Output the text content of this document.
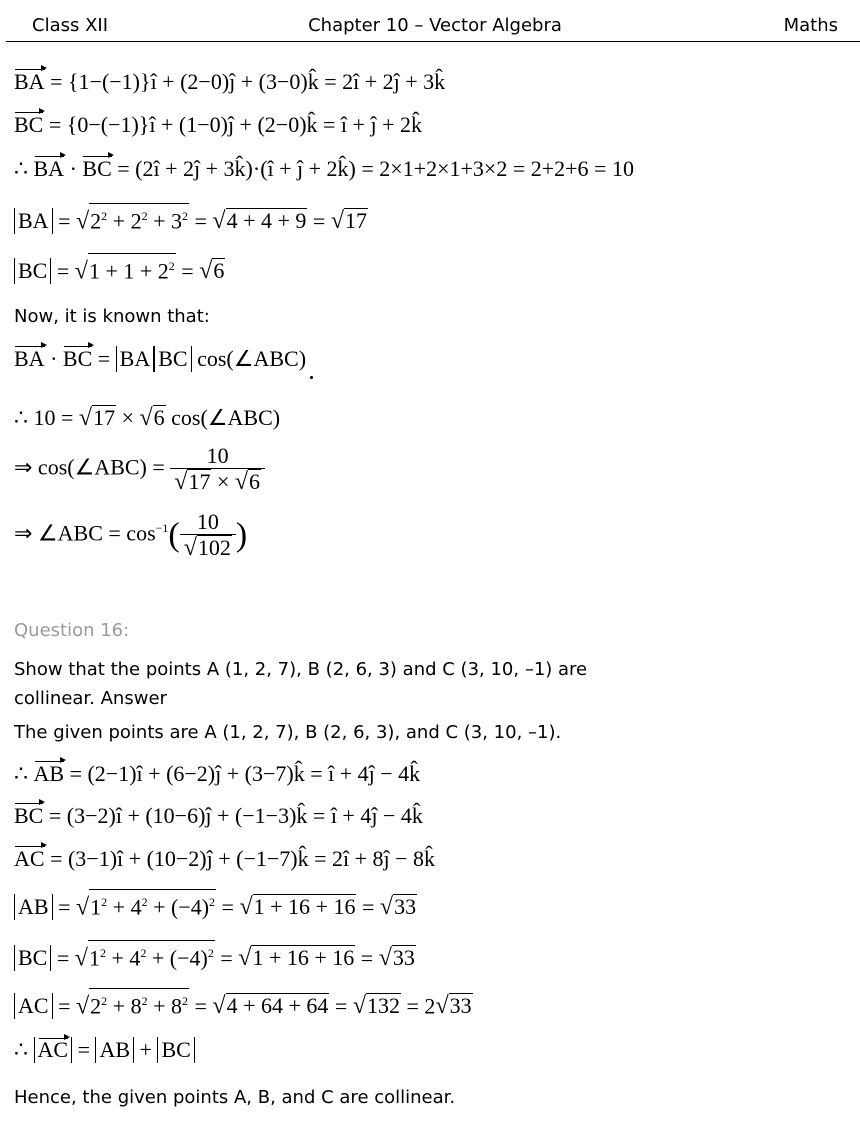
Class XII	Chapter 10 – Vector Algebra	Maths
BA = {1−(−1)}î + (2−0)ĵ + (3−0)k̂ = 2î + 2ĵ + 3k̂
BC = {0−(−1)}î + (1−0)ĵ + (2−0)k̂ = î + ĵ + 2k̂
∴ BA · BC = (2î + 2ĵ + 3k̂)·(î + ĵ + 2k̂) = 2×1+2×1+3×2 = 2+2+6 = 10
BA = $√2^2 + 2^2 + 3^2 = √4 + 4 + 9 = √17$
BC = $√1 + 1 + 2^2 = √6$
Now, it is known that:
BA · BC = BA BC cos(∠ABC)
∴ 10 = √17 × √6 cos(∠ABC)
⇒ cos(∠ABC) = $\frac{10}{√17 \times √6}$
⇒ ∠ABC = $\cos^{-1}( \frac{10}{√102}$ )
Question 16:
Show that the points A (1, 2, 7), B (2, 6, 3) and C (3, 10, –1) are
collinear. Answer
The given points are A (1, 2, 7), B (2, 6, 3), and C (3, 10, –1).
∴ AB = (2−1)î + (6−2)ĵ + (3−7)k̂ = î + 4ĵ − 4k̂
BC = (3−2)î + (10−6)ĵ + (−1−3)k̂ = î + 4ĵ − 4k̂
AC = (3−1)î + (10−2)ĵ + (−1−7)k̂ = 2î + 8ĵ − 8k̂
AB = $√1^2 + 4^2 + (-4)^2 = √1 + 16 + 16 = √33$
BC = $√1^2 + 4^2 + (-4)^2 = √1 + 16 + 16 = √33$
AC = $√2^2 + 8^2 + 8^2 = √4 + 64 + 64 = √132 = 2√33$
∴ AC = AB + BC
Hence, the given points A, B, and C are collinear.
